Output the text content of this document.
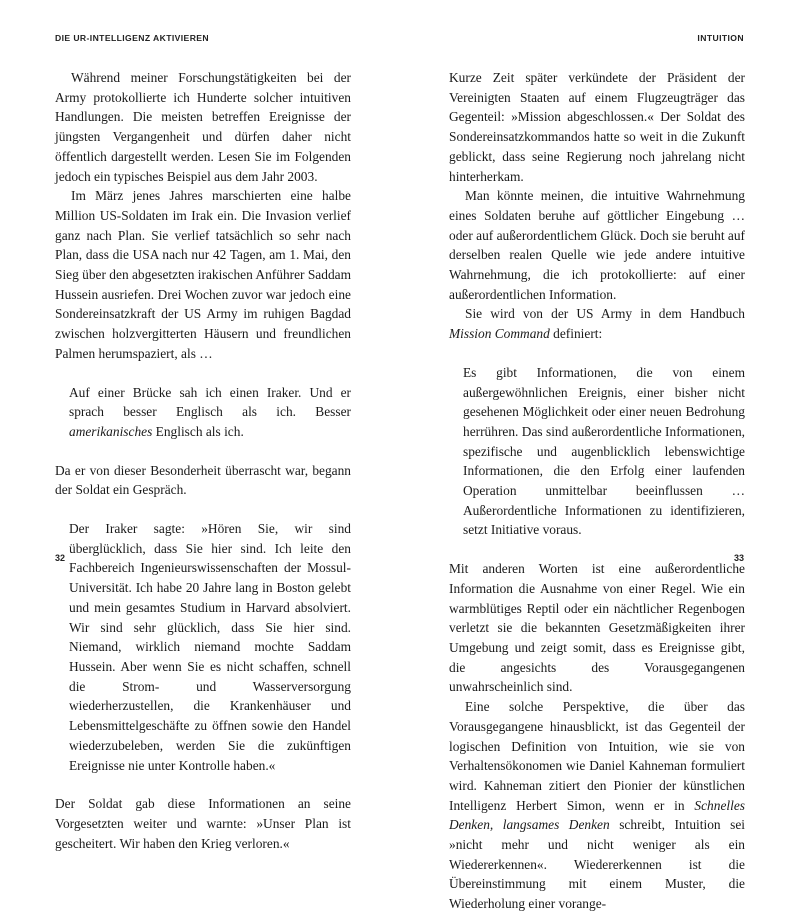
DIE UR-INTELLIGENZ AKTIVIEREN

Während meiner Forschungstätigkeiten bei der Army protokollierte ich Hunderte solcher intuitiven Handlungen. Die meisten betreffen Ereignisse der jüngsten Vergangenheit und dürfen daher nicht öffentlich dargestellt werden. Lesen Sie im Folgenden jedoch ein typisches Beispiel aus dem Jahr 2003.

Im März jenes Jahres marschierten eine halbe Million US-Soldaten im Irak ein. Die Invasion verlief ganz nach Plan. Sie verlief tatsächlich so sehr nach Plan, dass die USA nach nur 42 Tagen, am 1. Mai, den Sieg über den abgesetzten irakischen Anführer Saddam Hussein ausriefen. Drei Wochen zuvor war jedoch eine Sondereinsatzkraft der US Army im ruhigen Bagdad zwischen holzvergitterten Häusern und freundlichen Palmen herumspaziert, als …

Auf einer Brücke sah ich einen Iraker. Und er sprach besser Englisch als ich. Besser amerikanisches Englisch als ich.

Da er von dieser Besonderheit überrascht war, begann der Soldat ein Gespräch.

Der Iraker sagte: »Hören Sie, wir sind überglücklich, dass Sie hier sind. Ich leite den Fachbereich Ingenieurswissenschaften der Mossul-Universität. Ich habe 20 Jahre lang in Boston gelebt und mein gesamtes Studium in Harvard absolviert. Wir sind sehr glücklich, dass Sie hier sind. Niemand, wirklich niemand mochte Saddam Hussein. Aber wenn Sie es nicht schaffen, schnell die Strom- und Wasserversorgung wiederherzustellen, die Krankenhäuser und Lebensmittelgeschäfte zu öffnen sowie den Handel wiederzubeleben, werden Sie die zukünftigen Ereignisse nie unter Kontrolle haben.«

Der Soldat gab diese Informationen an seine Vorgesetzten weiter und warnte: »Unser Plan ist gescheitert. Wir haben den Krieg verloren.«

32
INTUITION

Kurze Zeit später verkündete der Präsident der Vereinigten Staaten auf einem Flugzeugträger das Gegenteil: »Mission abgeschlossen.« Der Soldat des Sondereinsatzkommandos hatte so weit in die Zukunft geblickt, dass seine Regierung noch jahrelang nicht hinterherkam.

Man könnte meinen, die intuitive Wahrnehmung eines Soldaten beruhe auf göttlicher Eingebung … oder auf außerordentlichem Glück. Doch sie beruht auf derselben realen Quelle wie jede andere intuitive Wahrnehmung, die ich protokollierte: auf einer außerordentlichen Information.

Sie wird von der US Army in dem Handbuch Mission Command definiert:

Es gibt Informationen, die von einem außergewöhnlichen Ereignis, einer bisher nicht gesehenen Möglichkeit oder einer neuen Bedrohung herrühren. Das sind außerordentliche Informationen, spezifische und augenblicklich lebenswichtige Informationen, die den Erfolg einer laufenden Operation unmittelbar beeinflussen … Außerordentliche Informationen zu identifizieren, setzt Initiative voraus.

Mit anderen Worten ist eine außerordentliche Information die Ausnahme von einer Regel. Wie ein warmblütiges Reptil oder ein nächtlicher Regenbogen verletzt sie die bekannten Gesetzmäßigkeiten ihrer Umgebung und zeigt somit, dass es Ereignisse gibt, die angesichts des Vorausgegangenen unwahrscheinlich sind.

Eine solche Perspektive, die über das Vorausgegangene hinausblickt, ist das Gegenteil der logischen Definition von Intuition, wie sie von Verhaltensökonomen wie Daniel Kahneman formuliert wird. Kahneman zitiert den Pionier der künstlichen Intelligenz Herbert Simon, wenn er in Schnelles Denken, langsames Denken schreibt, Intuition sei »nicht mehr und nicht weniger als ein Wiedererkennen«. Wiedererkennen ist die Übereinstimmung mit einem Muster, die Wiederholung einer vorange-

33
